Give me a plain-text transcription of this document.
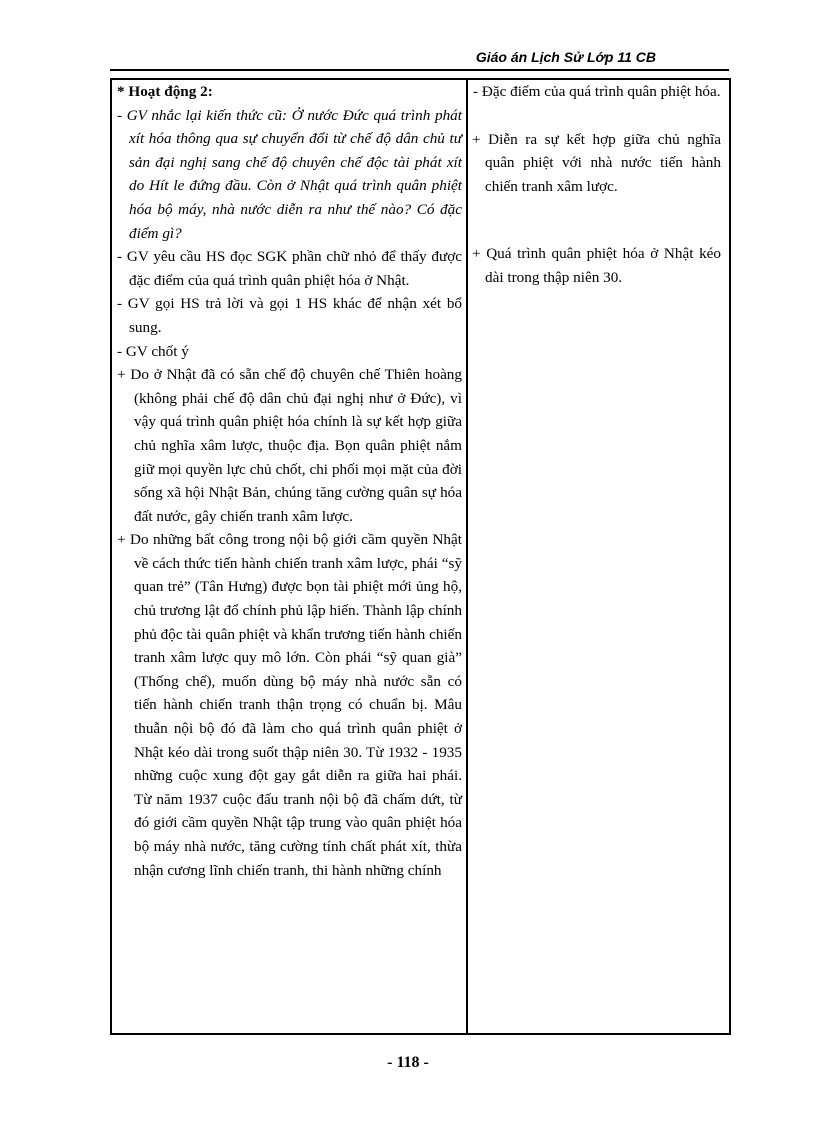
Giáo án Lịch Sử Lớp 11 CB

* Hoạt động 2:

- GV nhắc lại kiến thức cũ: Ở nước Đức quá trình phát xít hóa thông qua sự chuyển đổi từ chế độ dân chủ tư sản đại nghị sang chế độ chuyên chế độc tài phát xít do Hít le đứng đầu. Còn ở Nhật quá trình quân phiệt hóa bộ máy, nhà nước diễn ra như thế nào? Có đặc điểm gì?

- GV yêu cầu HS đọc SGK phần chữ nhỏ để thấy được đặc điểm của quá trình quân phiệt hóa ở Nhật.

- GV gọi HS trả lời và gọi 1 HS khác để nhận xét bổ sung.

- GV chốt ý

+ Do ở Nhật đã có sẵn chế độ chuyên chế Thiên hoàng (không phải chế độ dân chủ đại nghị như ở Đức), vì vậy quá trình quân phiệt hóa chính là sự kết hợp giữa chủ nghĩa xâm lược, thuộc địa. Bọn quân phiệt nắm giữ mọi quyền lực chủ chốt, chi phối mọi mặt của đời sống xã hội Nhật Bản, chúng tăng cường quân sự hóa đất nước, gây chiến tranh xâm lược.

+ Do những bất công trong nội bộ giới cầm quyền Nhật về cách thức tiến hành chiến tranh xâm lược, phái “sỹ quan trẻ” (Tân Hưng) được bọn tài phiệt mới ủng hộ, chủ trương lật đổ chính phủ lập hiến. Thành lập chính phủ độc tài quân phiệt và khẩn trương tiến hành chiến tranh xâm lược quy mô lớn. Còn phái “sỹ quan già” (Thống chế), muốn dùng bộ máy nhà nước sẵn có tiến hành chiến tranh thận trọng có chuẩn bị. Mâu thuẫn nội bộ đó đã làm cho quá trình quân phiệt ở Nhật kéo dài trong suốt thập niên 30. Từ 1932 - 1935 những cuộc xung đột gay gắt diễn ra giữa hai phái. Từ năm 1937 cuộc đấu tranh nội bộ đã chấm dứt, từ đó giới cầm quyền Nhật tập trung vào quân phiệt hóa bộ máy nhà nước, tăng cường tính chất phát xít, thừa nhận cương lĩnh chiến tranh, thi hành những chính

- Đặc điểm của quá trình quân phiệt hóa.

+ Diễn ra sự kết hợp giữa chủ nghĩa quân phiệt với nhà nước tiến hành chiến tranh xâm lược.

+ Quá trình quân phiệt hóa ở Nhật kéo dài trong thập niên 30.

- 118 -
